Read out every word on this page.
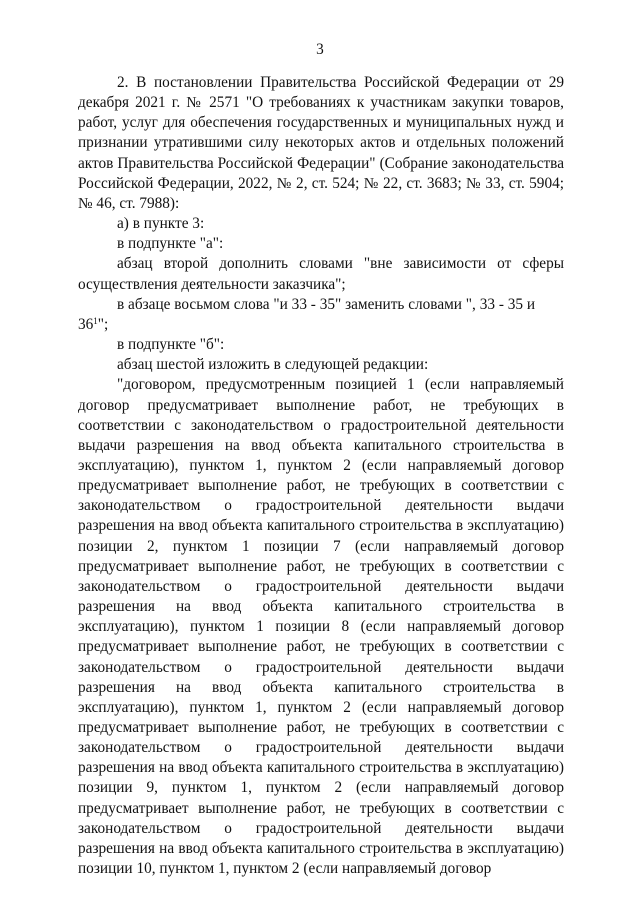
3

2. В постановлении Правительства Российской Федерации от 29 декабря 2021 г. № 2571 "О требованиях к участникам закупки товаров, работ, услуг для обеспечения государственных и муниципальных нужд и признании утратившими силу некоторых актов и отдельных положений актов Правительства Российской Федерации" (Собрание законодательства Российской Федерации, 2022, № 2, ст. 524; № 22, ст. 3683; № 33, ст. 5904; № 46, ст. 7988):

а) в пункте 3:

в подпункте "а":

абзац второй дополнить словами "вне зависимости от сферы осуществления деятельности заказчика";

в абзаце восьмом слова "и 33 - 35" заменить словами ", 33 - 35 и $36^1$";

в подпункте "б":

абзац шестой изложить в следующей редакции:

"договором, предусмотренным позицией 1 (если направляемый договор предусматривает выполнение работ, не требующих в соответствии с законодательством о градостроительной деятельности выдачи разрешения на ввод объекта капитального строительства в эксплуатацию), пунктом 1, пунктом 2 (если направляемый договор предусматривает выполнение работ, не требующих в соответствии с законодательством о градостроительной деятельности выдачи разрешения на ввод объекта капитального строительства в эксплуатацию) позиции 2, пунктом 1 позиции 7 (если направляемый договор предусматривает выполнение работ, не требующих в соответствии с законодательством о градостроительной деятельности выдачи разрешения на ввод объекта капитального строительства в эксплуатацию), пунктом 1 позиции 8 (если направляемый договор предусматривает выполнение работ, не требующих в соответствии с законодательством о градостроительной деятельности выдачи разрешения на ввод объекта капитального строительства в эксплуатацию), пунктом 1, пунктом 2 (если направляемый договор предусматривает выполнение работ, не требующих в соответствии с законодательством о градостроительной деятельности выдачи разрешения на ввод объекта капитального строительства в эксплуатацию) позиции 9, пунктом 1, пунктом 2 (если направляемый договор предусматривает выполнение работ, не требующих в соответствии с законодательством о градостроительной деятельности выдачи разрешения на ввод объекта капитального строительства в эксплуатацию) позиции 10, пунктом 1, пунктом 2 (если направляемый договор
